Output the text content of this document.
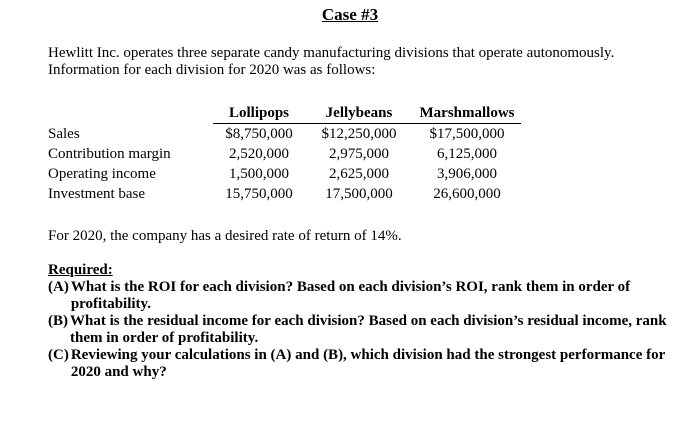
Case #3

Hewlitt Inc. operates three separate candy manufacturing divisions that operate autonomously.

Information for each division for 2020 was as follows:

	Lollipops	Jellybeans	Marshmallows
Sales	$8,750,000	$12,250,000	$17,500,000
Contribution margin	2,520,000	2,975,000	6,125,000
Operating income	1,500,000	2,625,000	3,906,000
Investment base	15,750,000	17,500,000	26,600,000

For 2020, the company has a desired rate of return of 14%.

Required:

(A) What is the ROI for each division? Based on each division’s ROI, rank them in order of profitability.
(B) What is the residual income for each division? Based on each division’s residual income, rank them in order of profitability.
(C) Reviewing your calculations in (A) and (B), which division had the strongest performance for 2020 and why?
